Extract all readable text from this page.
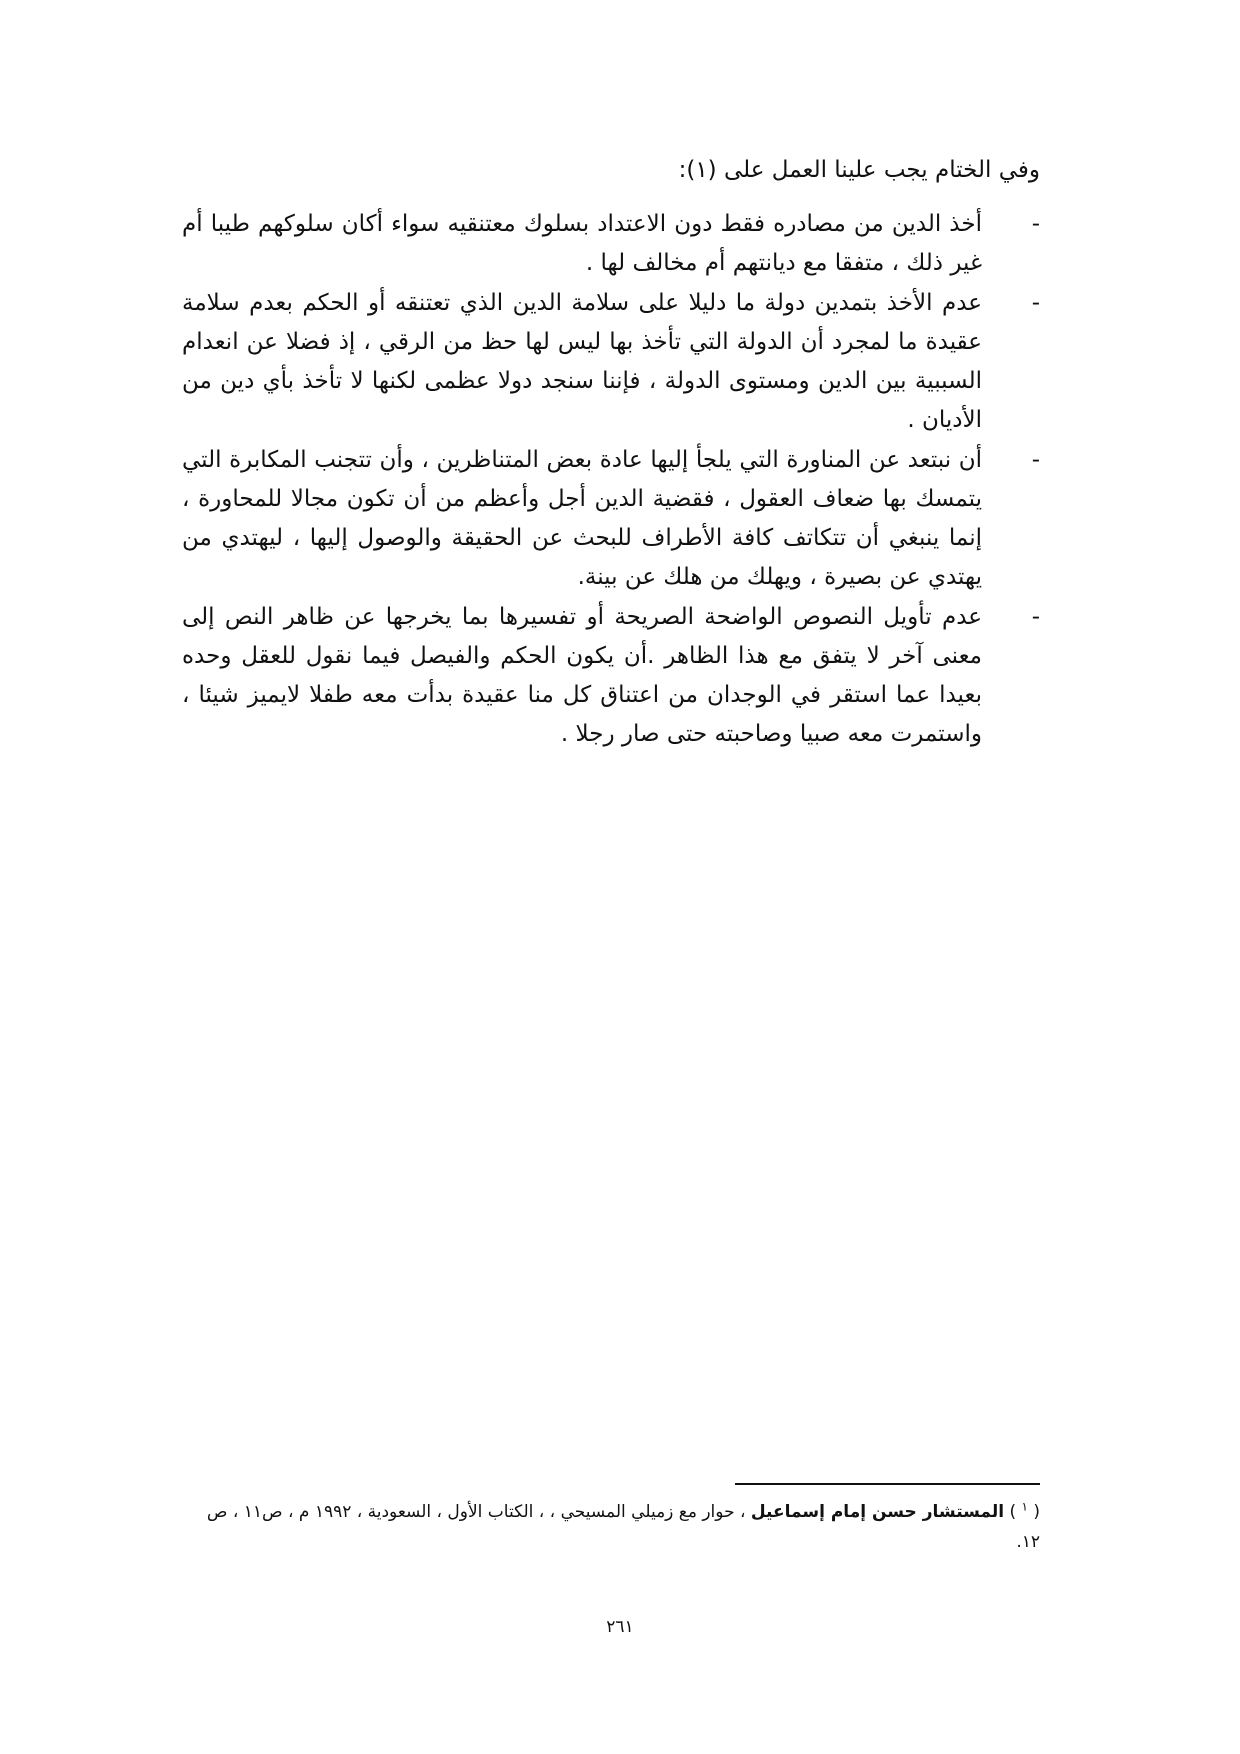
وفي الختام يجب علينا العمل على (١):

-
أخذ الدين من مصادره فقط دون الاعتداد بسلوك معتنقيه سواء أكان سلوكهم طيبا أم غير ذلك ، متفقا مع ديانتهم أم مخالف لها .
-
عدم الأخذ بتمدين دولة ما دليلا على سلامة الدين الذي تعتنقه أو الحكم بعدم سلامة عقيدة ما لمجرد أن الدولة التي تأخذ بها ليس لها حظ من الرقي ، إذ فضلا عن انعدام السببية بين الدين ومستوى الدولة ، فإننا سنجد دولا عظمى لكنها لا تأخذ بأي دين من الأديان .
-
أن نبتعد عن المناورة التي يلجأ إليها عادة بعض المتناظرين ، وأن تتجنب المكابرة التي يتمسك بها ضعاف العقول ، فقضية الدين أجل وأعظم من أن تكون مجالا للمحاورة ، إنما ينبغي أن تتكاتف كافة الأطراف للبحث عن الحقيقة والوصول إليها ، ليهتدي من يهتدي عن بصيرة ، ويهلك من هلك عن بينة.
-
عدم تأويل النصوص الواضحة الصريحة أو تفسيرها بما يخرجها عن ظاهر النص إلى معنى آخر لا يتفق مع هذا الظاهر .أن يكون الحكم والفيصل فيما نقول للعقل وحده بعيدا عما استقر في الوجدان من اعتناق كل منا عقيدة بدأت معه طفلا لايميز شيئا ، واستمرت معه صبيا وصاحبته حتى صار رجلا .

( $^١$ ) المستشار حسن إمام إسماعيل ، حوار مع زميلي المسيحي ، ، الكتاب الأول ، السعودية ، ١٩٩٢ م ، ص١١ ، ص ١٢.

٢٦١
